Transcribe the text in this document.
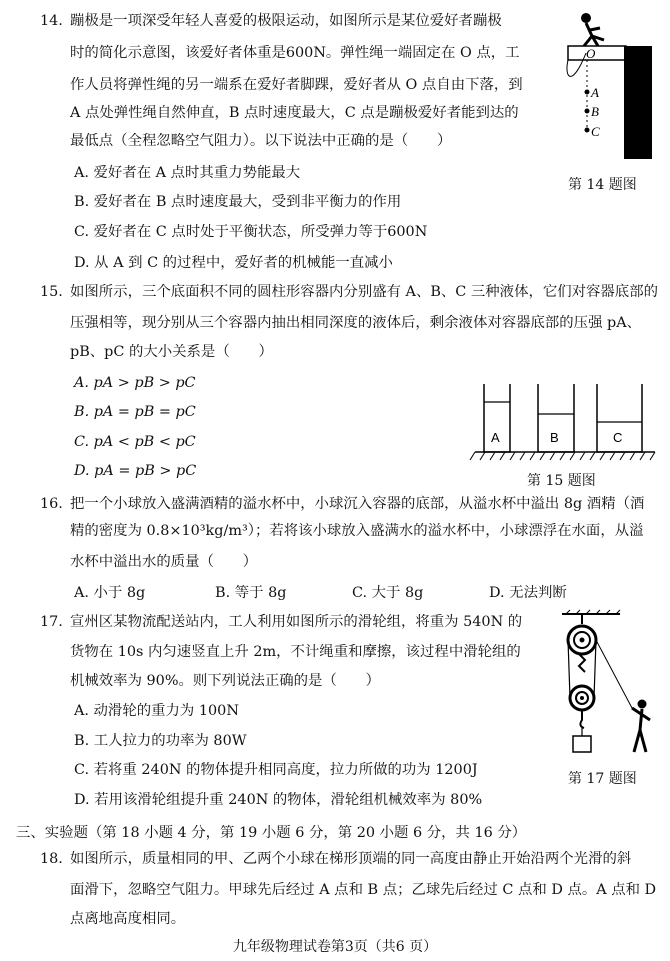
14. 蹦极是一项深受年轻人喜爱的极限运动，如图所示是某位爱好者蹦极
时的简化示意图，该爱好者体重是600N。弹性绳一端固定在 O 点，工
作人员将弹性绳的另一端系在爱好者脚踝，爱好者从 O 点自由下落，到
A 点处弹性绳自然伸直，B 点时速度最大，C 点是蹦极爱好者能到达的
最低点（全程忽略空气阻力）。以下说法中正确的是（　　）
A. 爱好者在 A 点时其重力势能最大
B. 爱好者在 B 点时速度最大，受到非平衡力的作用
C. 爱好者在 C 点时处于平衡状态，所受弹力等于600N
D. 从 A 到 C 的过程中，爱好者的机械能一直减小
O
A
B
C
第 14 题图
15. 如图所示，三个底面积不同的圆柱形容器内分别盛有 A、B、C 三种液体，它们对容器底部的
压强相等，现分别从三个容器内抽出相同深度的液体后，剩余液体对容器底部的压强 pA、
pB、pC 的大小关系是（　　）
A. pA > pB > pC
B. pA = pB = pC
C. pA < pB < pC
D. pA = pB > pC
A	B	C
第 15 题图
16. 把一个小球放入盛满酒精的溢水杯中，小球沉入容器的底部，从溢水杯中溢出 8g 酒精（酒
精的密度为 0.8×10³kg/m³）；若将该小球放入盛满水的溢水杯中，小球漂浮在水面，从溢
水杯中溢出水的质量（　　）
A. 小于 8g	B. 等于 8g	C. 大于 8g	D. 无法判断
17. 宣州区某物流配送站内，工人利用如图所示的滑轮组，将重为 540N 的
货物在 10s 内匀速竖直上升 2m，不计绳重和摩擦，该过程中滑轮组的
机械效率为 90%。则下列说法正确的是（　　）
A. 动滑轮的重力为 100N
B. 工人拉力的功率为 80W
C. 若将重 240N 的物体提升相同高度，拉力所做的功为 1200J
D. 若用该滑轮组提升重 240N 的物体，滑轮组机械效率为 80%
第 17 题图
三、实验题（第 18 小题 4 分，第 19 小题 6 分，第 20 小题 6 分，共 16 分）
18. 如图所示，质量相同的甲、乙两个小球在梯形顶端的同一高度由静止开始沿两个光滑的斜
面滑下，忽略空气阻力。甲球先后经过 A 点和 B 点；乙球先后经过 C 点和 D 点。A 点和 D
点离地高度相同。
九年级物理试卷第3页（共6 页）
